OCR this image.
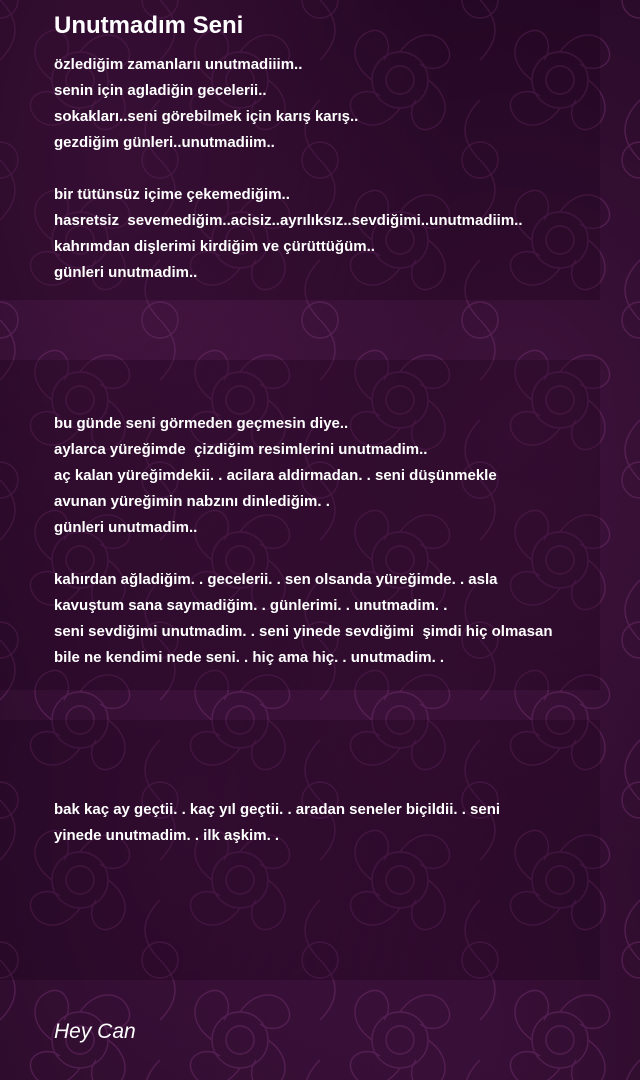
Unutmadım Seni
özlediğim zamanlarıı unutmadiiim..
senin için agladiğin gecelerii..
sokakları..seni görebilmek için karış karış..
gezdiğim günleri..unutmadiim..
bir tütünsüz içime çekemediğim..
hasretsiz  sevemediğim..acisiz..ayrılıksız..sevdiğimi..unutmadiim..
kahrımdan dişlerimi kirdiğim ve çürüttüğüm..
günleri unutmadim..
bu günde seni görmeden geçmesin diye..
aylarca yüreğimde  çizdiğim resimlerini unutmadim..
aç kalan yüreğimdekii. . acilara aldirmadan. . seni düşünmekle
avunan yüreğimin nabzını dinlediğim. .
günleri unutmadim..
kahırdan ağladiğim. . gecelerii. . sen olsanda yüreğimde. . asla
kavuştum sana saymadiğim. . günlerimi. . unutmadim. .
seni sevdiğimi unutmadim. . seni yinede sevdiğimi  şimdi hiç olmasan
bile ne kendimi nede seni. . hiç ama hiç. . unutmadim. .
bak kaç ay geçtii. . kaç yıl geçtii. . aradan seneler biçildii. . seni
yinede unutmadim. . ilk aşkim. .
Hey Can
